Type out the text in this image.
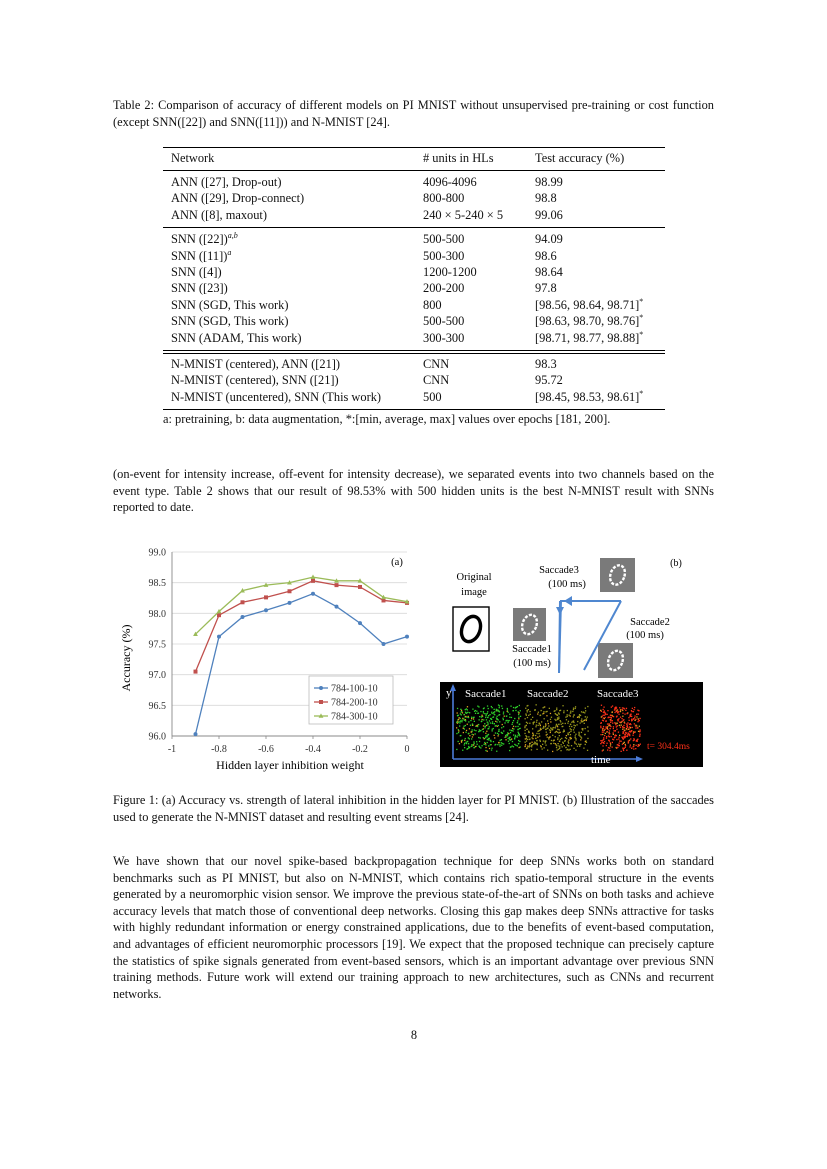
Table 2: Comparison of accuracy of different models on PI MNIST without unsupervised pre-training or cost function (except SNN([22]) and SNN([11])) and N-MNIST [24].
Network	# units in HLs	Test accuracy (%)
ANN ([27], Drop-out)	4096-4096	98.99
ANN ([29], Drop-connect)	800-800	98.8
ANN ([8], maxout)	240 × 5-240 × 5	99.06
SNN $([22])^{a,b}$	500-500	94.09
SNN $([11])^a$	500-300	98.6
SNN ([4])	1200-1200	98.64
SNN ([23])	200-200	97.8
SNN (SGD, This work)	800	[98.56, 98.64, 98.71]*
SNN (SGD, This work)	500-500	[98.63, 98.70, 98.76]*
SNN (ADAM, This work)	300-300	[98.71, 98.77, 98.88]*
N-MNIST (centered), ANN ([21])	CNN	98.3
N-MNIST (centered), SNN ([21])	CNN	95.72
N-MNIST (uncentered), SNN (This work)	500	[98.45, 98.53, 98.61]*
a: pretraining, b: data augmentation, *:[min, average, max] values over epochs [181, 200].
(on-event for intensity increase, off-event for intensity decrease), we separated events into two channels based on the event type. Table 2 shows that our result of 98.53% with 500 hidden units is the best N-MNIST result with SNNs reported to date.
96.0
96.5
97.0
97.5
98.0
98.5
99.0
-1	-0.8	-0.6	-0.4	-0.2	0
(a)
Hidden layer inhibition weight
Accuracy (%)	784-100-10
784-200-10
784-300-10
(b)
Original
image
Saccade3
(100 ms)
Saccade2
(100 ms)
Saccade1
(100 ms)
y
time
Saccade1 Saccade2	Saccade3
t= 304.4ms
Figure 1: (a) Accuracy vs. strength of lateral inhibition in the hidden layer for PI MNIST. (b) Illustration of the saccades used to generate the N-MNIST dataset and resulting event streams [24].
We have shown that our novel spike-based backpropagation technique for deep SNNs works both on standard benchmarks such as PI MNIST, but also on N-MNIST, which contains rich spatio-temporal structure in the events generated by a neuromorphic vision sensor. We improve the previous state-of-the-art of SNNs on both tasks and achieve accuracy levels that match those of conventional deep networks. Closing this gap makes deep SNNs attractive for tasks with highly redundant information or energy constrained applications, due to the benefits of event-based computation, and advantages of efficient neuromorphic processors [19]. We expect that the proposed technique can precisely capture the statistics of spike signals generated from event-based sensors, which is an important advantage over previous SNN training methods. Future work will extend our training approach to new architectures, such as CNNs and recurrent networks.
8
